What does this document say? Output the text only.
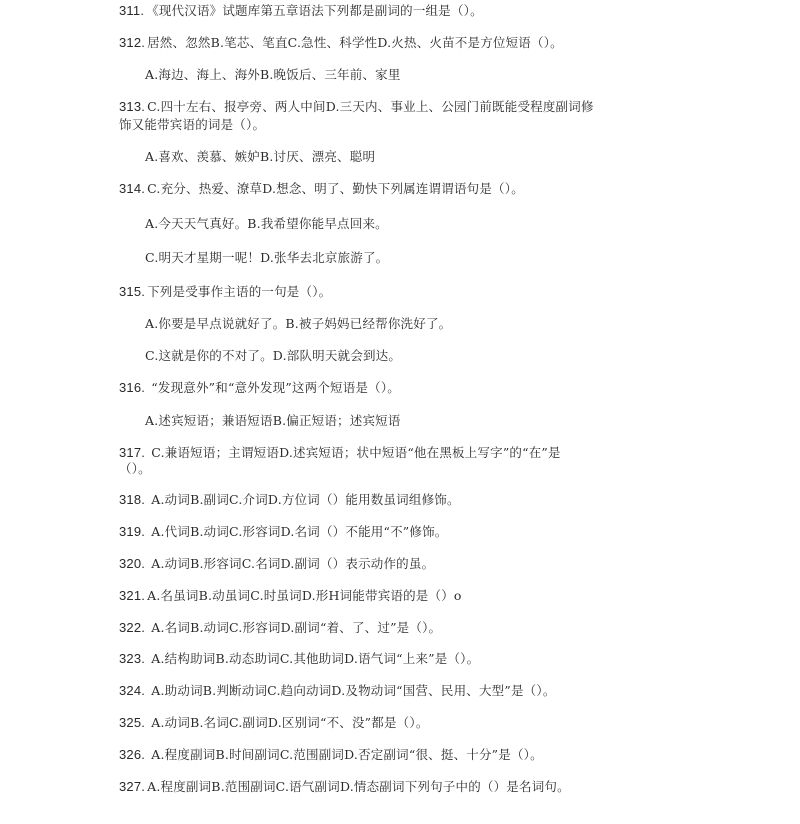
311. 《现代汉语》试题库第五章语法下列都是副词的一组是（）。
312. 居然、忽然B.笔芯、笔直C.急性、科学性D.火热、火苗不是方位短语（）。
A.海边、海上、海外B.晚饭后、三年前、家里
313. C.四十左右、报亭旁、两人中间D.三天内、事业上、公园门前既能受程度副词修
饰又能带宾语的词是（）。
A.喜欢、羡慕、嫉妒B.讨厌、漂亮、聪明
314. C.充分、热爱、潦草D.想念、明了、勤快下列属连谓谓语句是（）。
A.今天天气真好。B.我希望你能早点回来。
C.明天才星期一呢！D.张华去北京旅游了。
315. 下列是受事作主语的一句是（）。
A.你要是早点说就好了。B.被子妈妈已经帮你洗好了。
C.这就是你的不对了。D.部队明天就会到达。
316. “发现意外”和“意外发现”这两个短语是（）。
A.述宾短语；兼语短语B.偏正短语；述宾短语
317. C.兼语短语；主谓短语D.述宾短语；状中短语“他在黑板上写字”的“在”是
（）。
318. A.动词B.副词C.介词D.方位词（）能用数虽词组修饰。
319. A.代词B.动词C.形容词D.名词（）不能用“不”修饰。
320. A.动词B.形容词C.名词D.副词（）表示动作的虽。
321. A.名虽词B.动虽词C.时虽词D.形H词能带宾语的是（）o
322. A.名词B.动词C.形容词D.副词“着、了、过”是（）。
323. A.结构助词B.动态助词C.其他助词D.语气词“上来”是（）。
324. A.助动词B.判断动词C.趋向动词D.及物动词“国营、民用、大型”是（）。
325. A.动词B.名词C.副词D.区别词“不、没”都是（）。
326. A.程度副词B.时间副词C.范围副词D.否定副词“很、挺、十分”是（）。
327. A.程度副词B.范围副词C.语气副词D.情态副词下列句子中的（）是名词句。
